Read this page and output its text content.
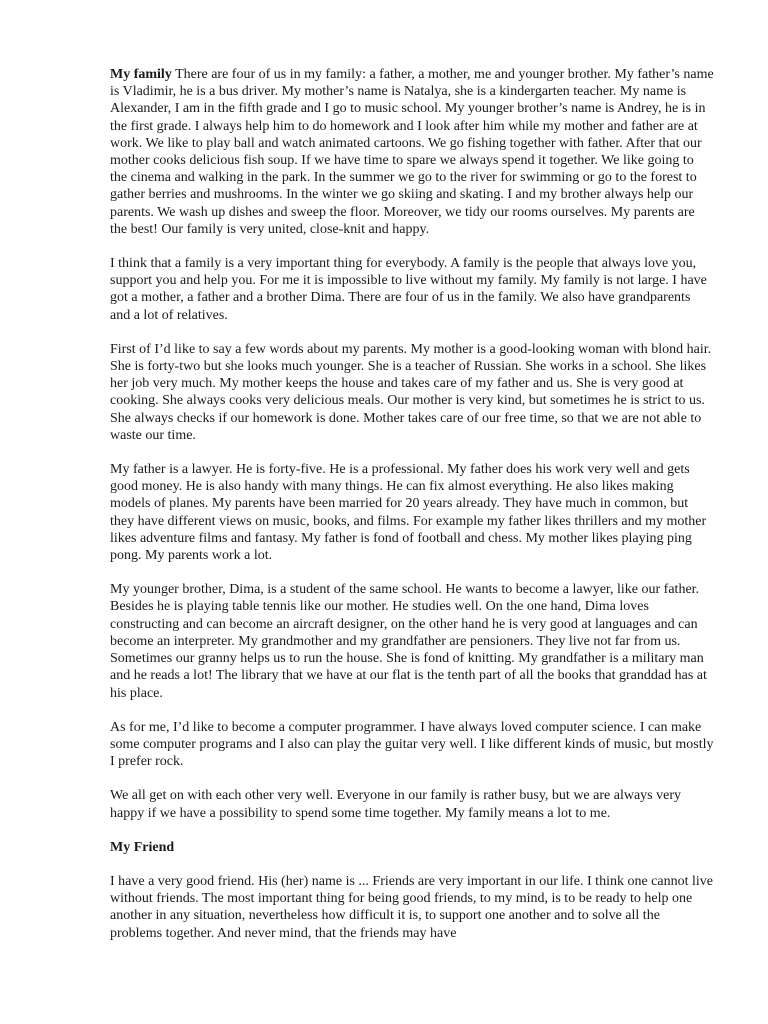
My family There are four of us in my family: a father, a mother, me and younger brother. My father’s name is Vladimir, he is a bus driver. My mother’s name is Natalya, she is a kindergarten teacher. My name is Alexander, I am in the fifth grade and I go to music school. My younger brother’s name is Andrey, he is in the first grade. I always help him to do homework and I look after him while my mother and father are at work. We like to play ball and watch animated cartoons. We go fishing together with father. After that our mother cooks delicious fish soup. If we have time to spare we always spend it together. We like going to the cinema and walking in the park. In the summer we go to the river for swimming or go to the forest to gather berries and mushrooms. In the winter we go skiing and skating. I and my brother always help our parents. We wash up dishes and sweep the floor. Moreover, we tidy our rooms ourselves. My parents are the best! Our family is very united, close-knit and happy.

I think that a family is a very important thing for everybody. A family is the people that always love you, support you and help you. For me it is impossible to live without my family. My family is not large. I have got a mother, a father and a brother Dima. There are four of us in the family. We also have grandparents and a lot of relatives.

First of I’d like to say a few words about my parents. My mother is a good-looking woman with blond hair. She is forty-two but she looks much younger. She is a teacher of Russian. She works in a school. She likes her job very much. My mother keeps the house and takes care of my father and us. She is very good at cooking. She always cooks very delicious meals. Our mother is very kind, but sometimes he is strict to us. She always checks if our homework is done. Mother takes care of our free time, so that we are not able to waste our time.

My father is a lawyer. He is forty-five. He is a professional. My father does his work very well and gets good money. He is also handy with many things. He can fix almost everything. He also likes making models of planes. My parents have been married for 20 years already. They have much in common, but they have different views on music, books, and films. For example my father likes thrillers and my mother likes adventure films and fantasy. My father is fond of football and chess. My mother likes playing ping pong. My parents work a lot.

My younger brother, Dima, is a student of the same school. He wants to become a lawyer, like our father. Besides he is playing table tennis like our mother. He studies well. On the one hand, Dima loves constructing and can become an aircraft designer, on the other hand he is very good at languages and can become an interpreter. My grandmother and my grandfather are pensioners. They live not far from us. Sometimes our granny helps us to run the house. She is fond of knitting. My grandfather is a military man and he reads a lot! The library that we have at our flat is the tenth part of all the books that granddad has at his place.

As for me, I’d like to become a computer programmer. I have always loved computer science. I can make some computer programs and I also can play the guitar very well. I like different kinds of music, but mostly I prefer rock.

We all get on with each other very well. Everyone in our family is rather busy, but we are always very happy if we have a possibility to spend some time together. My family means a lot to me.

My Friend

I have a very good friend. His (her) name is ... Friends are very important in our life. I think one cannot live without friends. The most important thing for being good friends, to my mind, is to be ready to help one another in any situation, nevertheless how difficult it is, to support one another and to solve all the problems together. And never mind, that the friends may have
